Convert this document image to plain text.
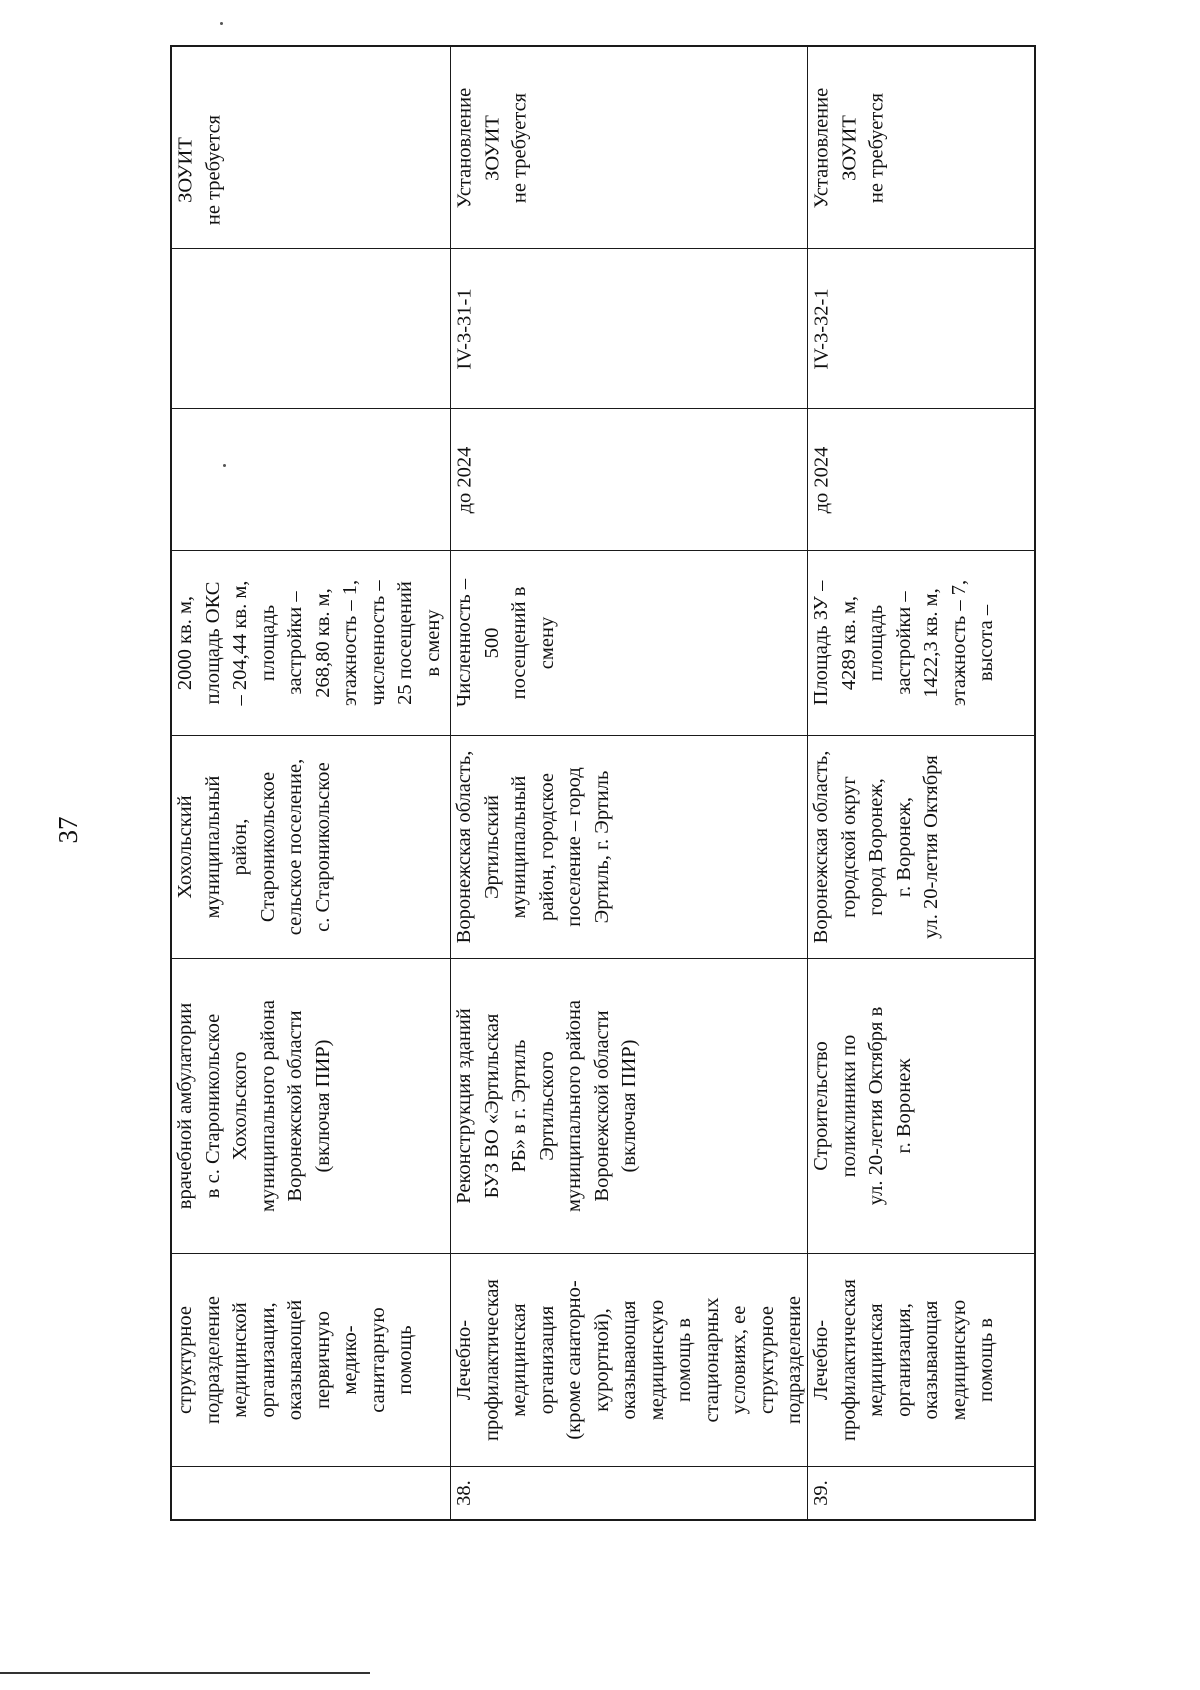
37
структурное
подразделение
медицинской
организации,
оказывающей
первичную
медико-
санитарную
помощь
врачебной амбулатории
в с. Староникольское
Хохольского
муниципального района
Воронежской области
(включая ПИР)
Хохольский
муниципальный
район,
Староникольское
сельское поселение,
с. Староникольское
2000 кв. м,
площадь ОКС
– 204,44 кв. м,
площадь
застройки –
268,80 кв. м,
этажность – 1,
численность –
25 посещений
в смену
ЗОУИТ
не требуется
38.
Лечебно-
профилактическая
медицинская
организация
(кроме санаторно-
курортной),
оказывающая
медицинскую
помощь в
стационарных
условиях, ее
структурное
подразделение
Реконструкция зданий
БУЗ ВО «Эртильская
РБ» в г. Эртиль
Эртильского
муниципального района
Воронежской области
(включая ПИР)
Воронежская область,
Эртильский
муниципальный
район, городское
поселение – город
Эртиль, г. Эртиль
Численность –
500
посещений в
смену
до 2024
IV-3-31-1
Установление
ЗОУИТ
не требуется
39.
Лечебно-
профилактическая
медицинская
организация,
оказывающая
медицинскую
помощь в
Строительство
поликлиники по
ул. 20-летия Октября в
г. Воронеж
Воронежская область,
городской округ
город Воронеж,
г. Воронеж,
ул. 20-летия Октября
Площадь ЗУ –
4289 кв. м,
площадь
застройки –
1422,3 кв. м,
этажность – 7,
высота –
до 2024
IV-3-32-1
Установление
ЗОУИТ
не требуется
